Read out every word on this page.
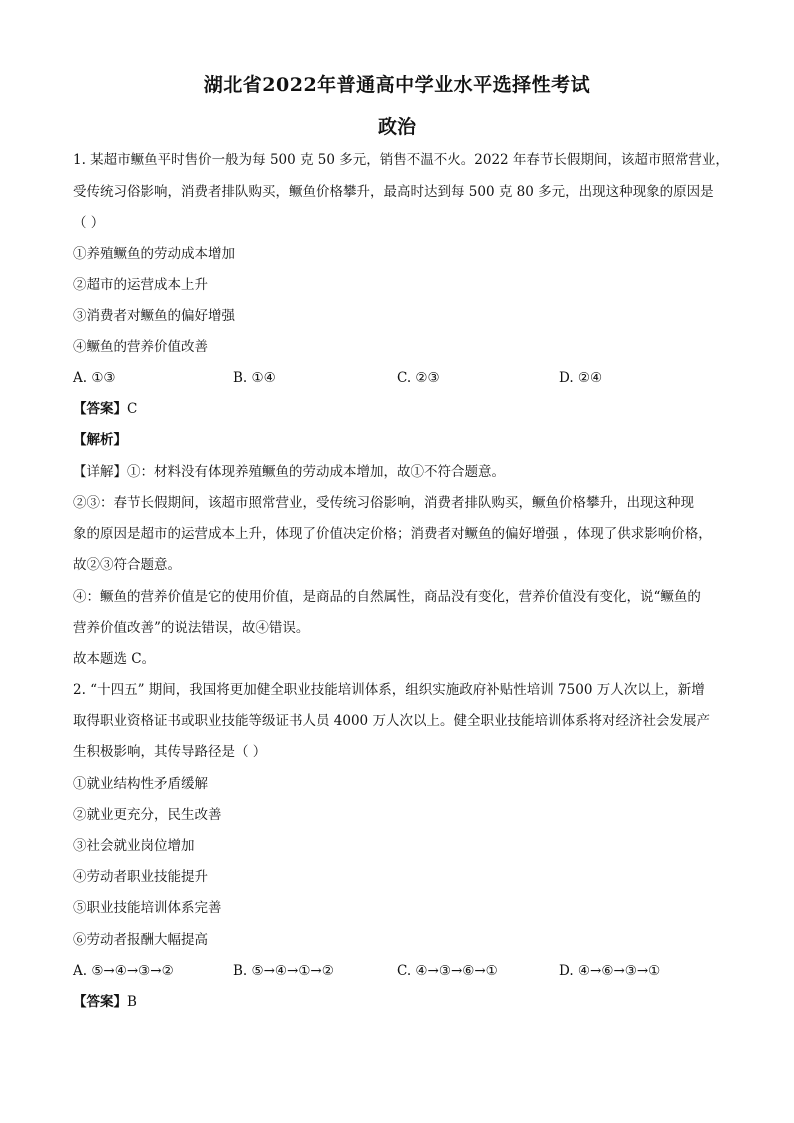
湖北省2022年普通高中学业水平选择性考试
政治
1. 某超市鳜鱼平时售价一般为每 500 克 50 多元，销售不温不火。2022 年春节长假期间，该超市照常营业，
受传统习俗影响，消费者排队购买，鳜鱼价格攀升，最高时达到每 500 克 80 多元，出现这种现象的原因是
（ ）
①养殖鳜鱼的劳动成本增加
②超市的运营成本上升
③消费者对鳜鱼的偏好增强
④鳜鱼的营养价值改善
A. ①③	B. ①④	C. ②③	D. ②④
【答案】C
【解析】
【详解】①：材料没有体现养殖鳜鱼的劳动成本增加，故①不符合题意。
②③：春节长假期间，该超市照常营业，受传统习俗影响，消费者排队购买，鳜鱼价格攀升，出现这种现
象的原因是超市的运营成本上升，体现了价值决定价格；消费者对鳜鱼的偏好增强 ，体现了供求影响价格，
故②③符合题意。
④：鳜鱼的营养价值是它的使用价值，是商品的自然属性，商品没有变化，营养价值没有变化，说“鳜鱼的
营养价值改善”的说法错误，故④错误。
故本题选 C。
2. “十四五” 期间，我国将更加健全职业技能培训体系，组织实施政府补贴性培训 7500 万人次以上，新增
取得职业资格证书或职业技能等级证书人员 4000 万人次以上。健全职业技能培训体系将对经济社会发展产
生积极影响，其传导路径是（ ）
①就业结构性矛盾缓解
②就业更充分，民生改善
③社会就业岗位增加
④劳动者职业技能提升
⑤职业技能培训体系完善
⑥劳动者报酬大幅提高
A. ⑤→④→③→②	B. ⑤→④→①→②	C. ④→③→⑥→①	D. ④→⑥→③→①
【答案】B
